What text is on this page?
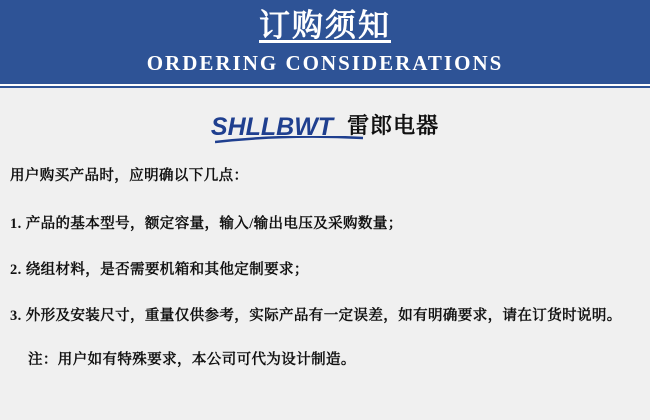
订购须知
ORDERING CONSIDERATIONS
SHLLBWT 雷郎电器

用户购买产品时，应明确以下几点：

1. 产品的基本型号，额定容量，输入/输出电压及采购数量；

2. 绕组材料，是否需要机箱和其他定制要求；

3. 外形及安装尺寸，重量仅供参考，实际产品有一定误差，如有明确要求，请在订货时说明。

注：用户如有特殊要求，本公司可代为设计制造。
